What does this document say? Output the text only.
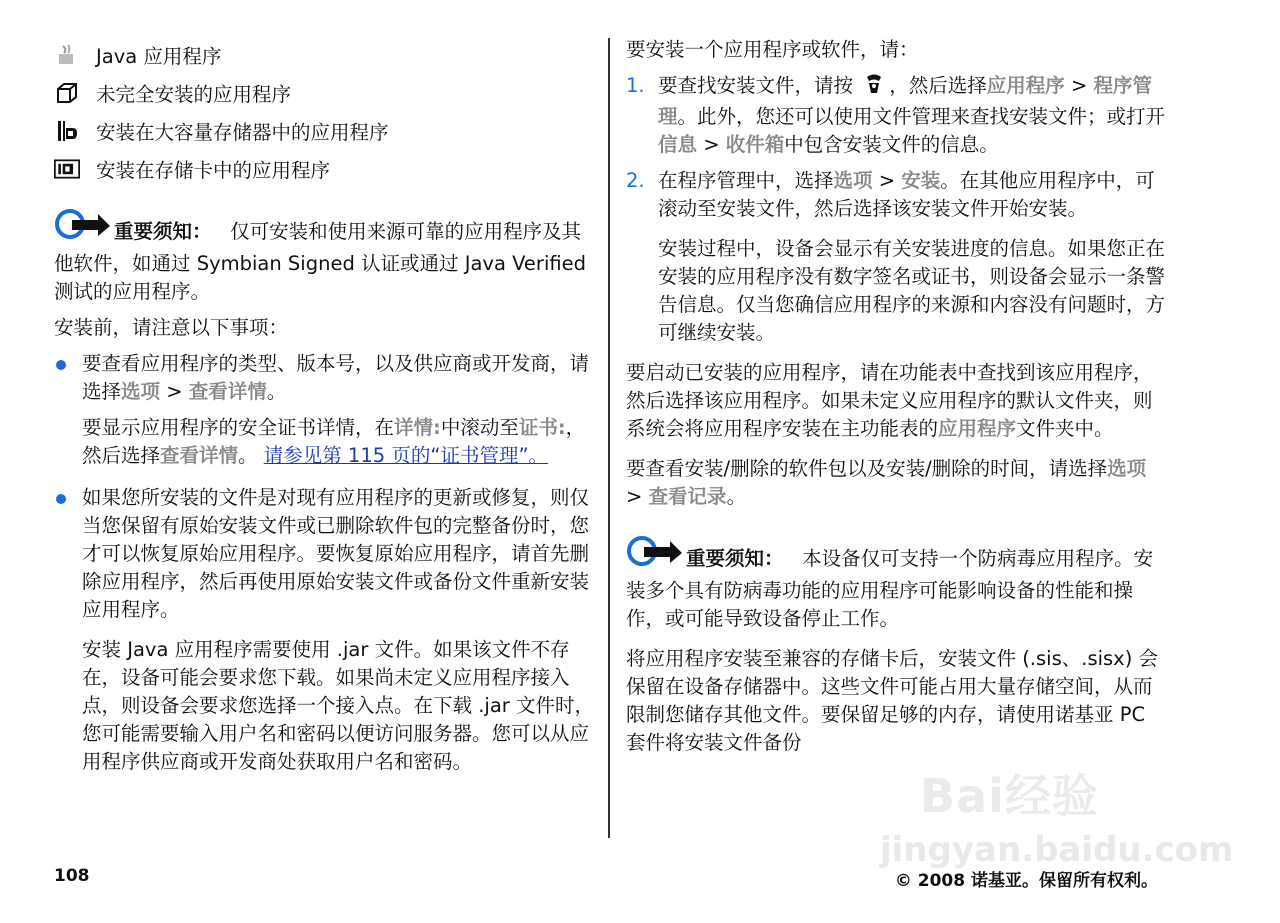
Java 应用程序
未完全安装的应用程序
安装在大容量存储器中的应用程序
安装在存储卡中的应用程序

重要须知： 仅可安装和使用来源可靠的应用程序及其他软件，如通过 Symbian Signed 认证或通过 Java Verified 测试的应用程序。

安装前，请注意以下事项：

要查看应用程序的类型、版本号，以及供应商或开发商，请选择选项 > 查看详情。

要显示应用程序的安全证书详情，在详情:中滚动至证书:，然后选择查看详情。 请参见第 115 页的“证书管理”。

如果您所安装的文件是对现有应用程序的更新或修复，则仅当您保留有原始安装文件或已删除软件包的完整备份时，您才可以恢复原始应用程序。要恢复原始应用程序，请首先删除应用程序，然后再使用原始安装文件或备份文件重新安装应用程序。

安装 Java 应用程序需要使用 .jar 文件。如果该文件不存在，设备可能会要求您下载。如果尚未定义应用程序接入点，则设备会要求您选择一个接入点。在下载 .jar 文件时，您可能需要输入用户名和密码以便访问服务器。您可以从应用程序供应商或开发商处获取用户名和密码。

要安装一个应用程序或软件，请：

1. 要查找安装文件，请按 ，然后选择应用程序 > 程序管理。此外，您还可以使用文件管理来查找安装文件；或打开信息 > 收件箱中包含安装文件的信息。

2. 在程序管理中，选择选项 > 安装。在其他应用程序中，可滚动至安装文件，然后选择该安装文件开始安装。

安装过程中，设备会显示有关安装进度的信息。如果您正在安装的应用程序没有数字签名或证书，则设备会显示一条警告信息。仅当您确信应用程序的来源和内容没有问题时，方可继续安装。

要启动已安装的应用程序，请在功能表中查找到该应用程序，然后选择该应用程序。如果未定义应用程序的默认文件夹，则系统会将应用程序安装在主功能表的应用程序文件夹中。

要查看安装/删除的软件包以及安装/删除的时间，请选择选项 > 查看记录。

重要须知： 本设备仅可支持一个防病毒应用程序。安装多个具有防病毒功能的应用程序可能影响设备的性能和操作，或可能导致设备停止工作。

将应用程序安装至兼容的存储卡后，安装文件 (.sis、.sisx) 会保留在设备存储器中。这些文件可能占用大量存储空间，从而限制您储存其他文件。要保留足够的内存，请使用诺基亚 PC 套件将安装文件备份

Bai经验
jingyan.baidu.com
108	© 2008 诺基亚。保留所有权利。
